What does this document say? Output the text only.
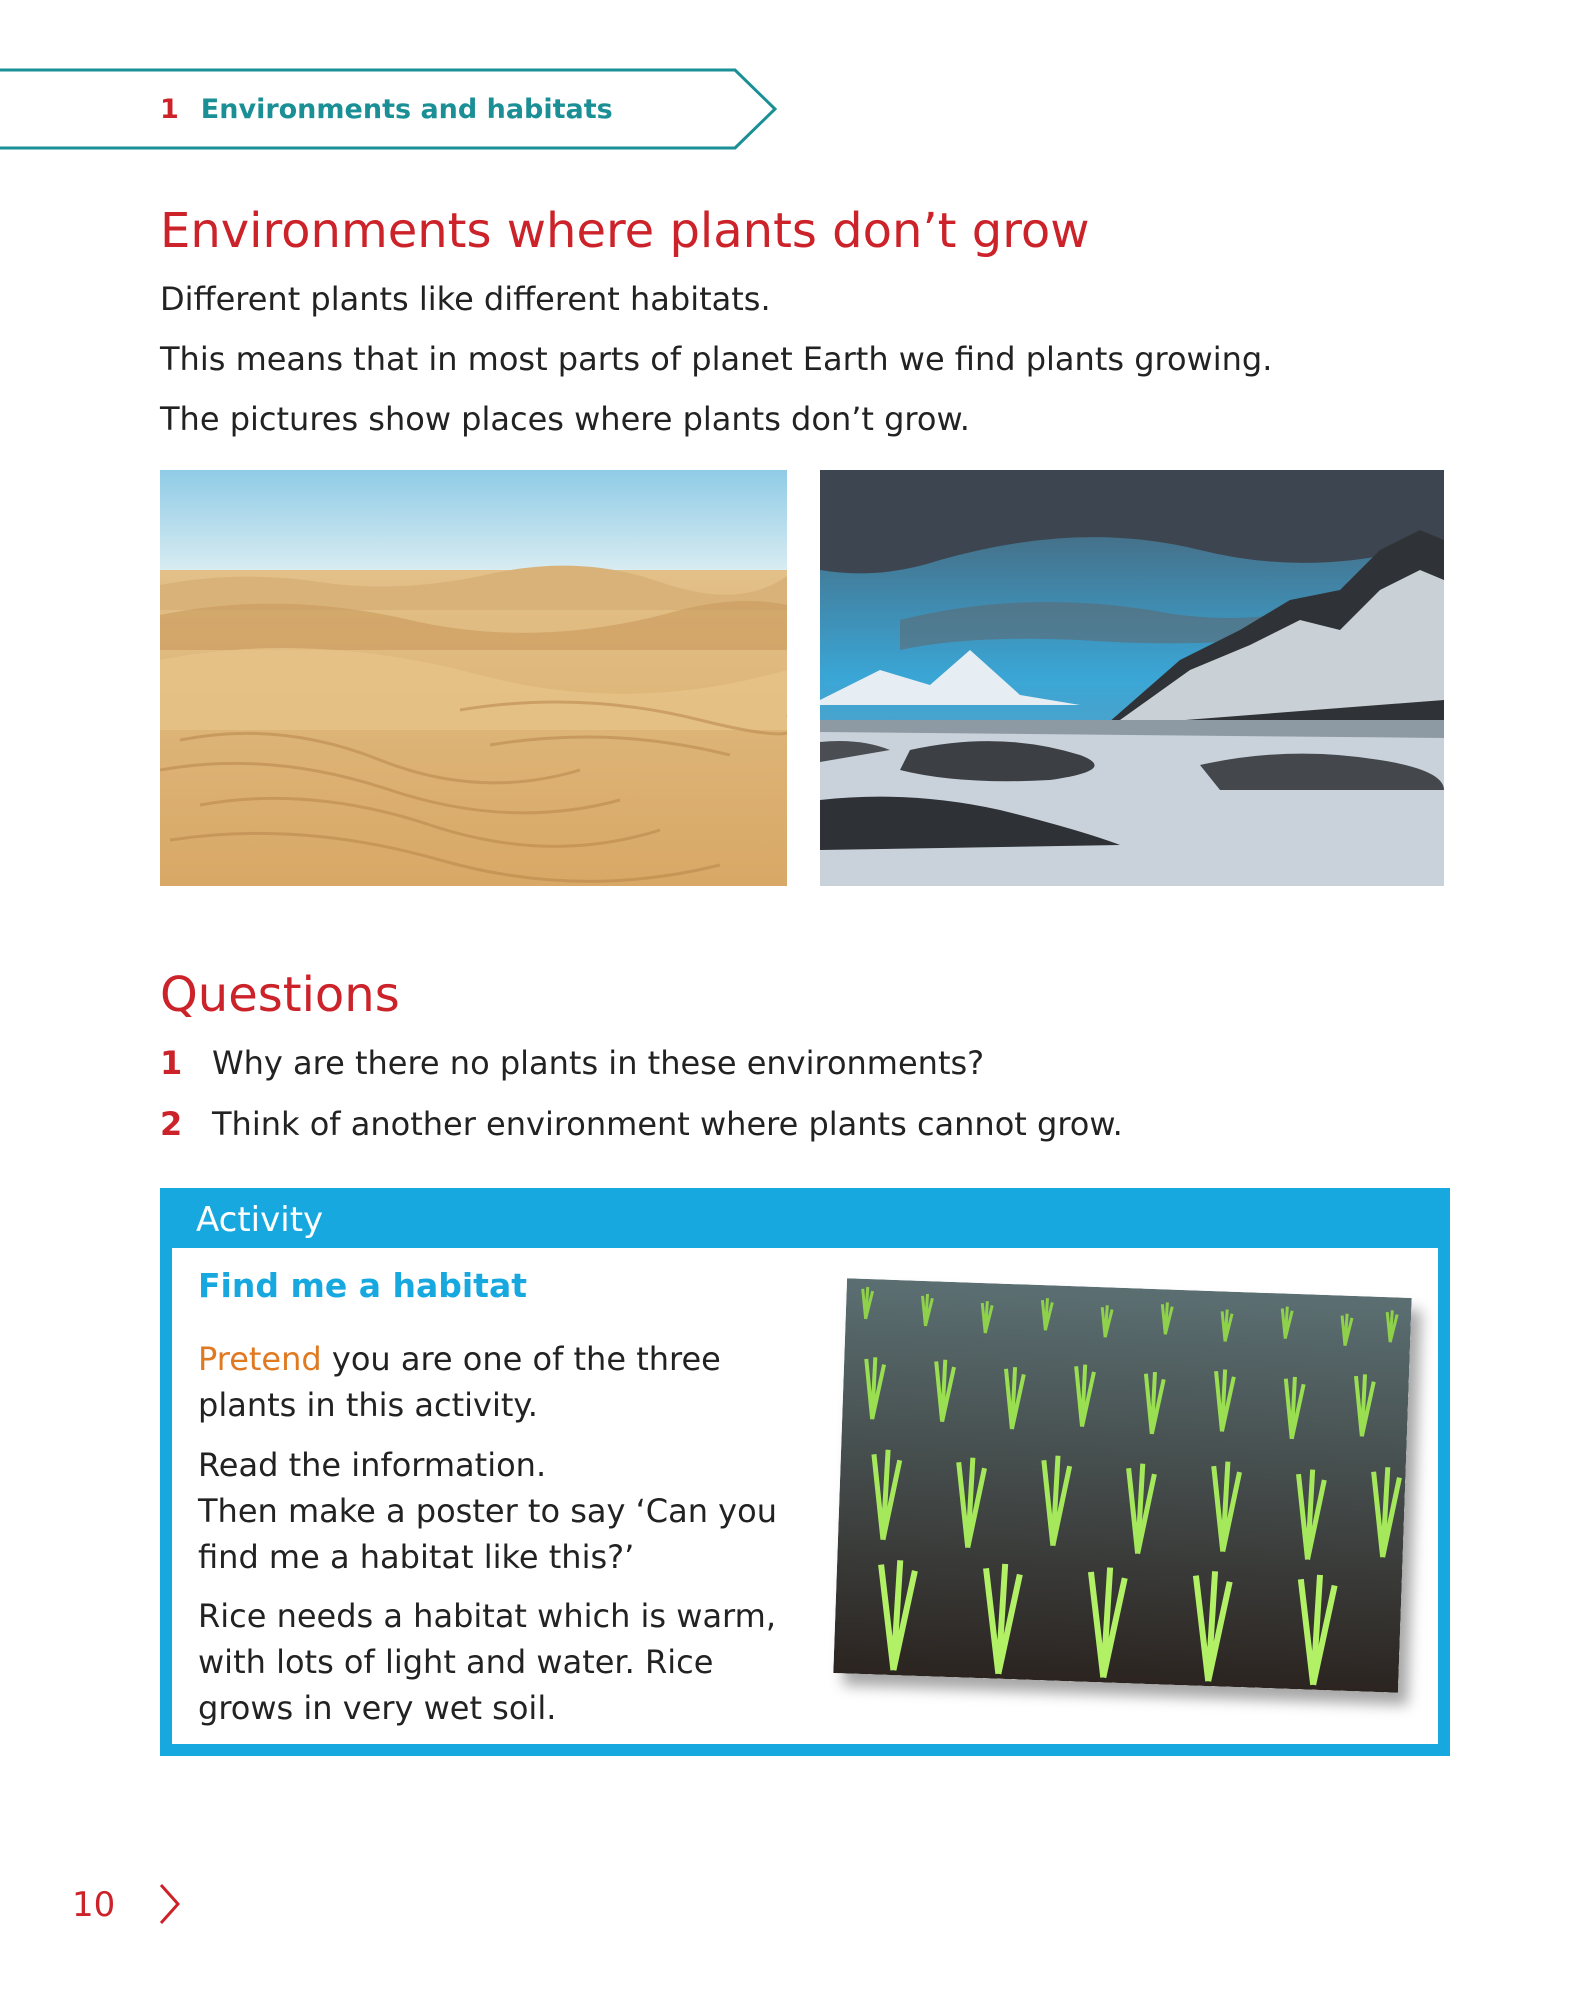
1 Environments and habitats
Environments where plants don’t grow
Different plants like different habitats.
This means that in most parts of planet Earth we find plants growing.
The pictures show places where plants don’t grow.
Questions
1 Why are there no plants in these environments?
2 Think of another environment where plants cannot grow.
Activity
Find me a habitat
Pretend you are one of the three plants in this activity.
Read the information.
Then make a poster to say ‘Can you find me a habitat like this?’
Rice needs a habitat which is warm, with lots of light and water. Rice grows in very wet soil.
10
